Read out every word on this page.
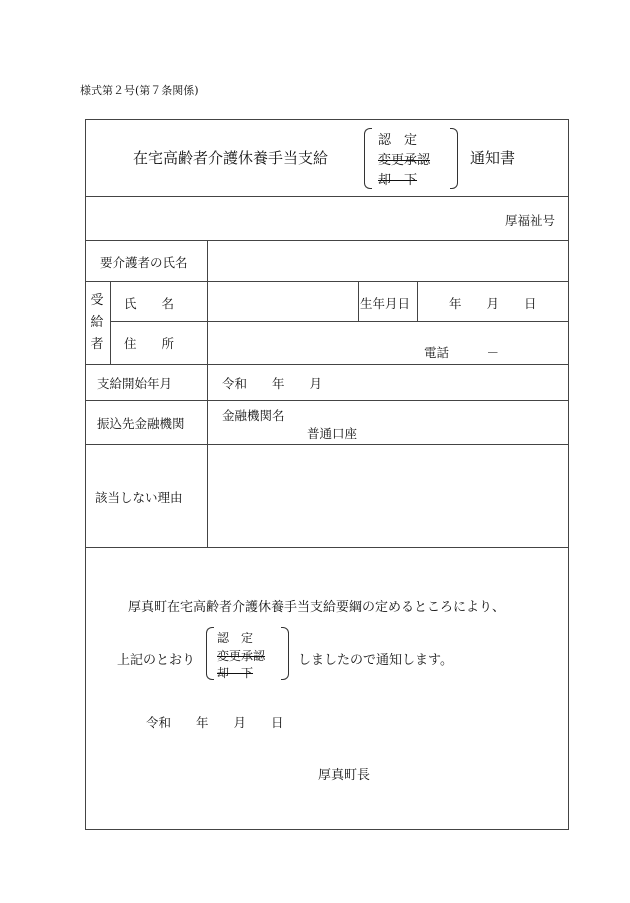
様式第２号(第７条関係)
在宅高齢者介護休養手当支給
認　定
変更承認
却　下
通知書
厚福祉号
要介護者の氏名
受
給
者
氏　　名	生年月日	年　　月　　日
住　　所
電話　　　－
支給開始年月	令和　　年　　月
振込先金融機関
金融機関名
普通口座
該当しない理由
厚真町在宅高齢者介護休養手当支給要綱の定めるところにより、
上記のとおり
認　定
変更承認
却　下
しましたので通知します。
令和　　年　　月　　日
厚真町長
